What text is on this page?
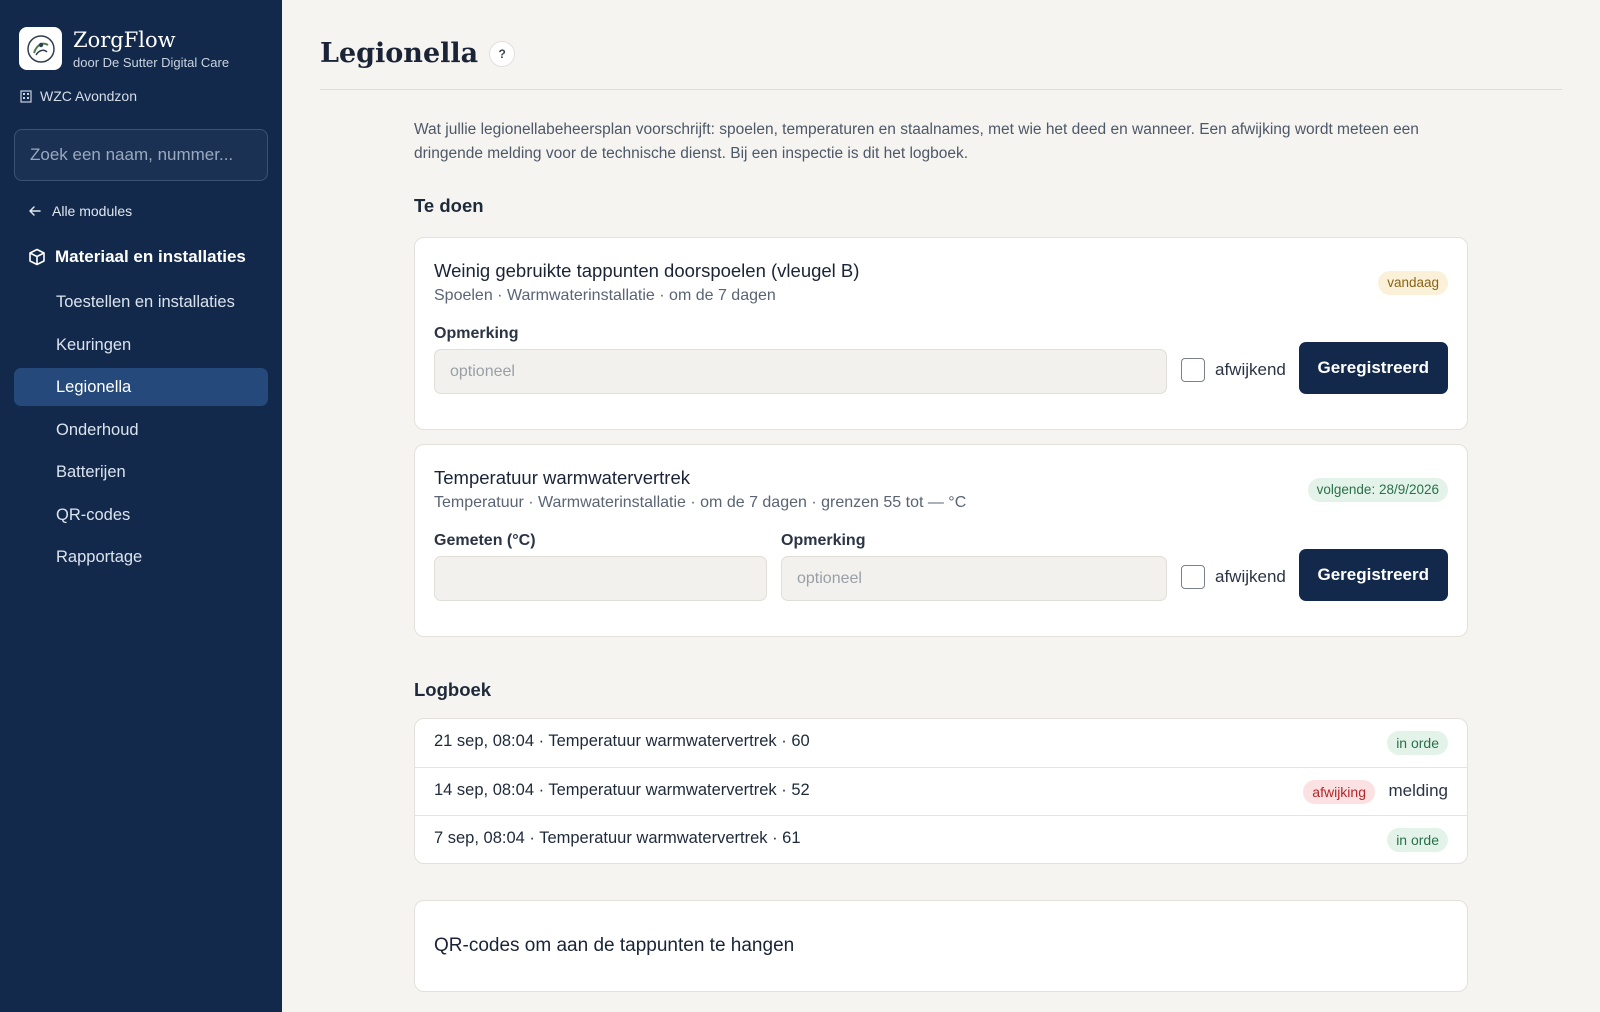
ZorgFlow
door De Sutter Digital Care
WZC Avondzon
Zoek een naam, nummer...
Alle modules
Materiaal en installaties
Toestellen en installaties
Keuringen
Legionella
Onderhoud
Batterijen
QR-codes
Rapportage
Legionella	?

Wat jullie legionellabeheersplan voorschrijft: spoelen, temperaturen en staalnames, met wie het deed en wanneer. Een afwijking wordt meteen een dringende melding voor de technische dienst. Bij een inspectie is dit het logboek.

Te doen
Weinig gebruikte tappunten doorspoelen (vleugel B)
Spoelen · Warmwaterinstallatie · om de 7 dagen
vandaag
Opmerking
optioneel
afwijkend	Geregistreerd
Temperatuur warmwatervertrek
Temperatuur · Warmwaterinstallatie · om de 7 dagen · grenzen 55 tot — °C
volgende: 28/9/2026
Gemeten (°C)	Opmerking
optioneel
afwijkend	Geregistreerd
Logboek
21 sep, 08:04 · Temperatuur warmwatervertrek · 60	in orde
14 sep, 08:04 · Temperatuur warmwatervertrek · 52	afwijking	melding
7 sep, 08:04 · Temperatuur warmwatervertrek · 61	in orde
QR-codes om aan de tappunten te hangen
